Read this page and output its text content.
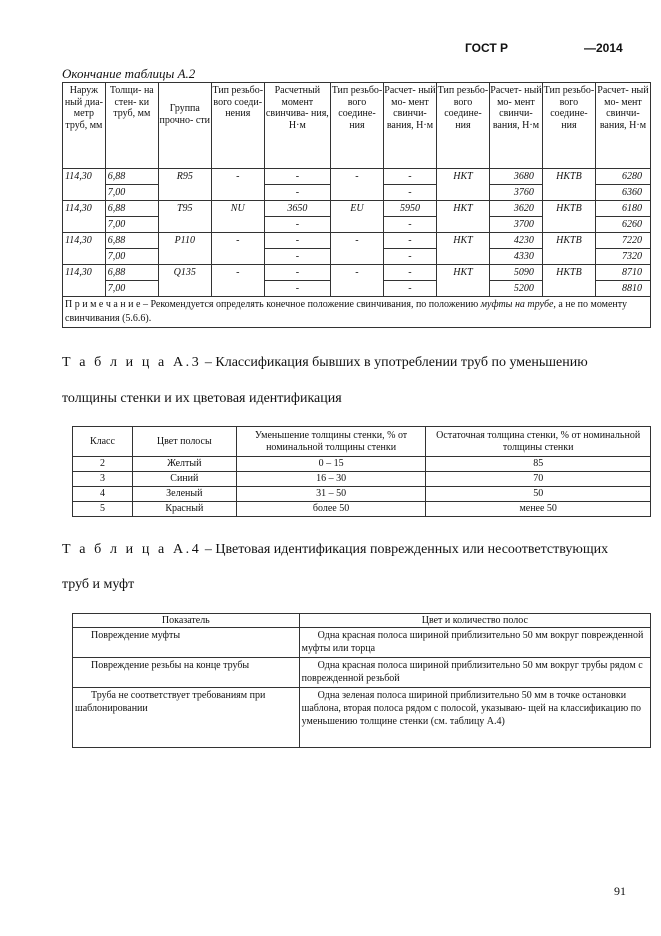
ГОСТ Р	—2014
Окончание таблицы А.2
Наруж ный диа- метр труб, мм	Толщи- на стен- ки труб, мм	Группа прочно- сти	Тип резьбо- вого соеди- нения	Расчетный момент свинчива- ния, Н·м	Тип резьбо- вого соедине- ния	Расчет- ный мо- мент свинчи- вания, Н·м	Тип резьбо- вого соедине- ния	Расчет- ный мо- мент свинчи- вания, Н·м	Тип резьбо- вого соедине- ния	Расчет- ный мо- мент свинчи- вания, Н·м
114,30	6,88	R95	-	-	-	-	НКТ	3680	НКТВ	6280
	7,00			-		-		3760		6360
114,30	6,88	T95	NU	3650	EU	5950	НКТ	3620	НКТВ	6180
	7,00			-		-		3700		6260
114,30	6,88	P110	-	-	-	-	НКТ	4230	НКТВ	7220
	7,00			-		-		4330		7320
114,30	6,88	Q135	-	-	-	-	НКТ	5090	НКТВ	8710
	7,00			-		-		5200		8810
П р и м е ч а н и е – Рекомендуется определять конечное положение свинчивания, по положению муфты на трубе, а не по моменту свинчивания (5.6.6).										
Т а б л и ц а А.3 – Классификация бывших в употреблении труб по уменьшению
толщины стенки и их цветовая идентификация
Класс	Цвет полосы	Уменьшение толщины стенки, % от номинальной толщины стенки	Остаточная толщина стенки, % от номинальной толщины стенки
2	Желтый	0 – 15	85
3	Синий	16 – 30	70
4	Зеленый	31 – 50	50
5	Красный	более 50	менее 50
Т а б л и ц а А.4 – Цветовая идентификация поврежденных или несоответствующих
труб и муфт
Показатель	Цвет и количество полос
Повреждение муфты	Одна красная полоса шириной приблизительно 50 мм вокруг поврежденной муфты или торца
Повреждение резьбы на конце трубы	Одна красная полоса шириной приблизительно 50 мм вокруг трубы рядом с поврежденной резьбой
Труба не соответствует требованиям при шаблонировании	Одна зеленая полоса шириной приблизительно 50 мм в точке остановки шаблона, вторая полоса рядом с полосой, указываю- щей на классификацию по уменьшению толщине стенки (см. таблицу А.4)
91
